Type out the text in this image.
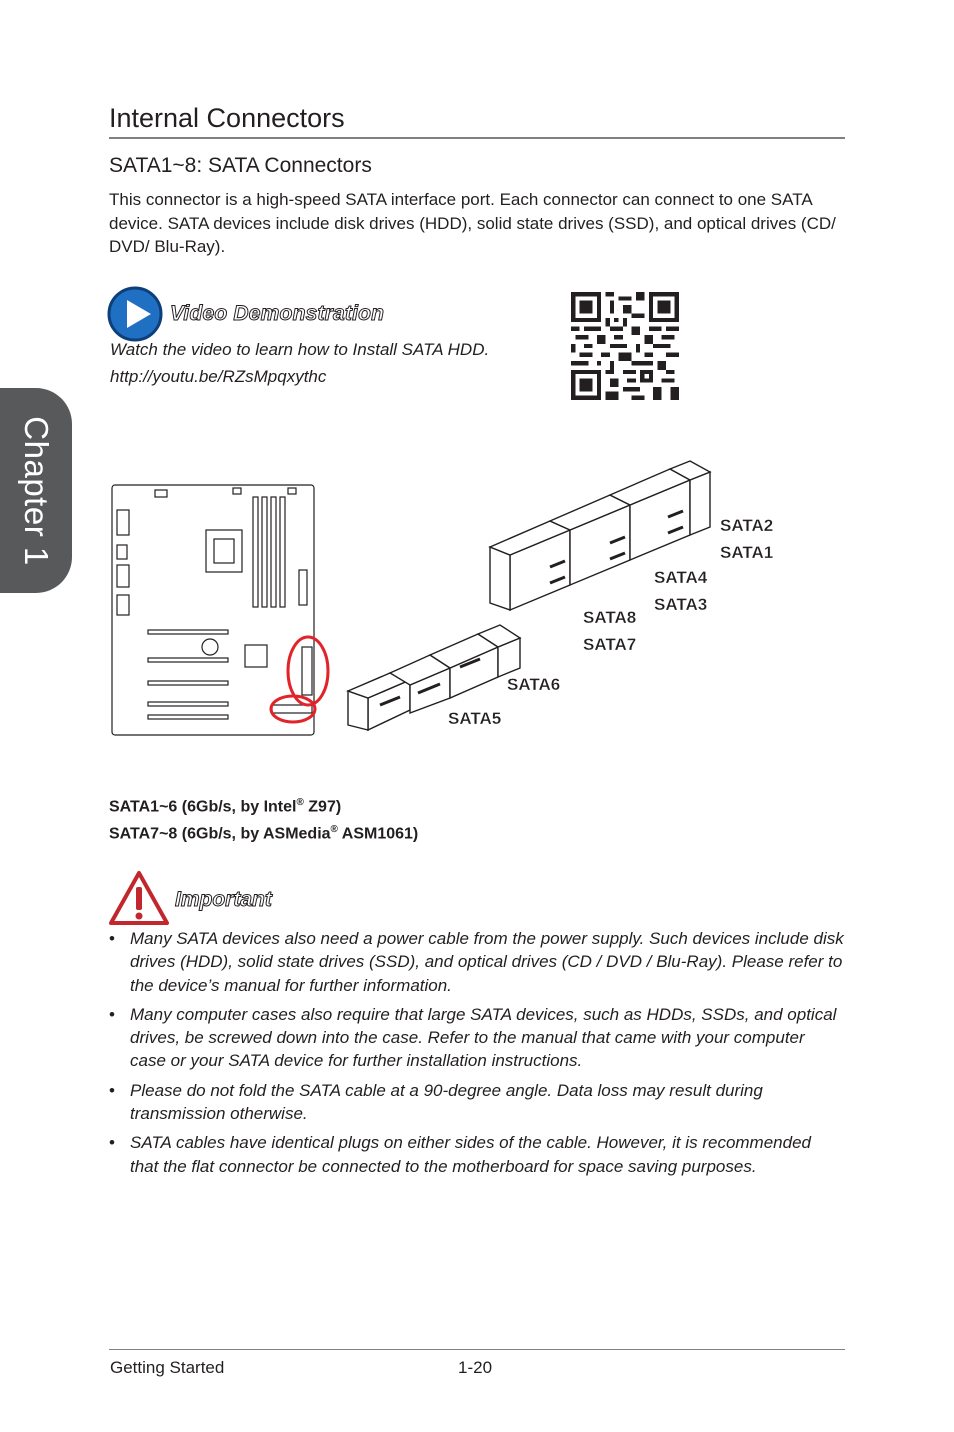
Chapter 1
Internal Connectors
SATA1~8: SATA Connectors

This connector is a high-speed SATA interface port. Each connector can connect to one SATA device. SATA devices include disk drives (HDD), solid state drives (SSD), and optical drives (CD/ DVD/ Blu-Ray).

Video Demonstration
Watch the video to learn how to Install SATA HDD.
http://youtu.be/RZsMpqxythc
SATA2
SATA1
SATA4
SATA3
SATA8
SATA7
SATA6
SATA5
SATA1~6 (6Gb/s, by Intel® Z97)
SATA7~8 (6Gb/s, by ASMedia® ASM1061)
Important
• Many SATA devices also need a power cable from the power supply. Such devices include disk drives (HDD), solid state drives (SSD), and optical drives (CD / DVD / Blu-Ray). Please refer to the device’s manual for further information.
• Many computer cases also require that large SATA devices, such as HDDs, SSDs, and optical drives, be screwed down into the case. Refer to the manual that came with your computer case or your SATA device for further installation instructions.
• Please do not fold the SATA cable at a 90-degree angle. Data loss may result during transmission otherwise.
• SATA cables have identical plugs on either sides of the cable. However, it is recommended that the flat connector be connected to the motherboard for space saving purposes.
Getting Started	1-20
